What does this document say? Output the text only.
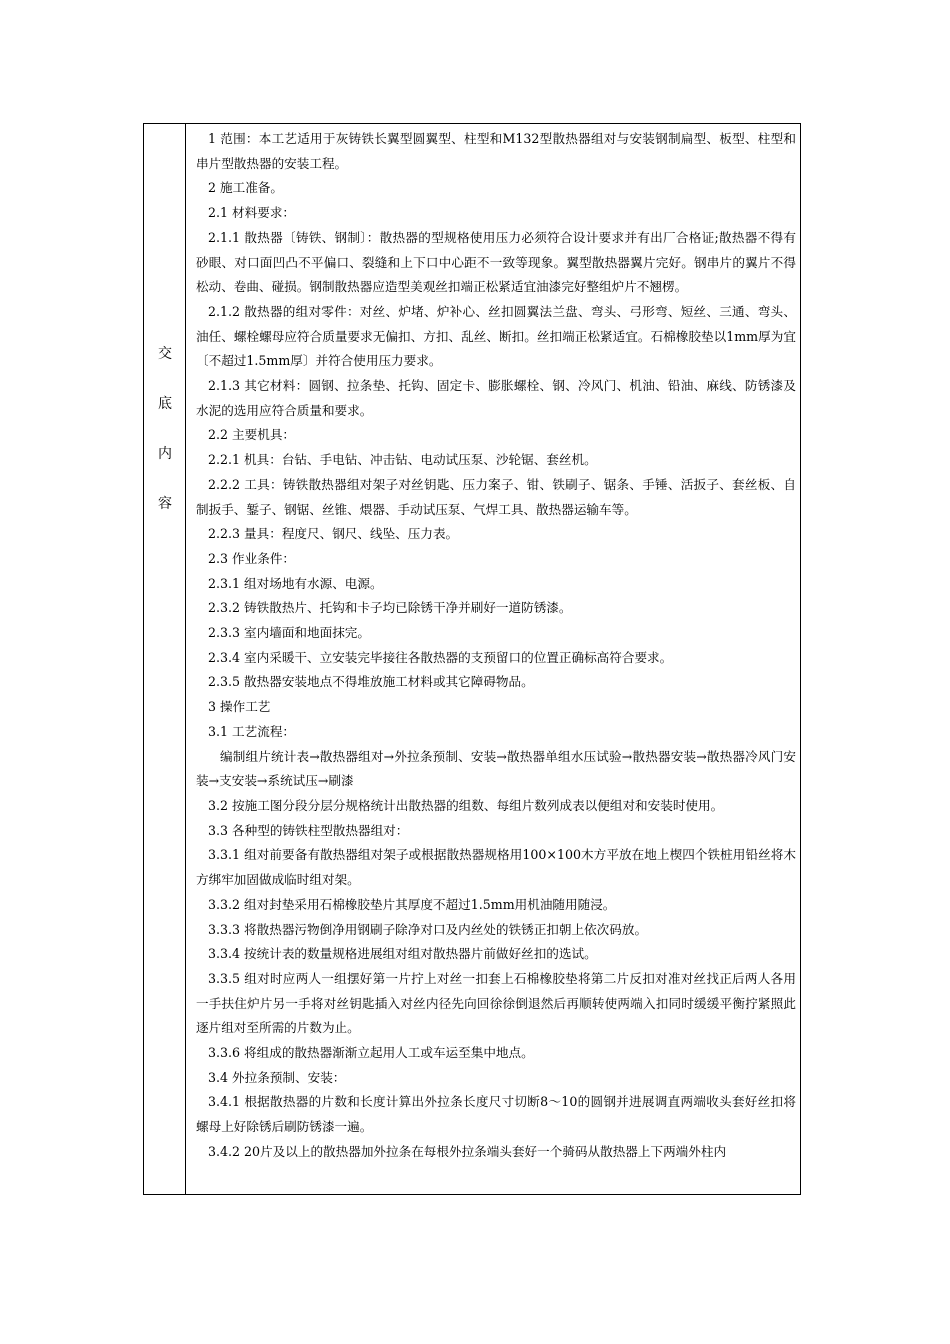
交
底
内
容

1 范围：本工艺适用于灰铸铁长翼型圆翼型、柱型和M132型散热器组对与安装钢制扁型、板型、柱型和串片型散热器的安装工程。

2 施工准备。

2.1 材料要求：

2.1.1 散热器〔铸铁、钢制〕：散热器的型规格使用压力必须符合设计要求并有出厂合格证;散热器不得有砂眼、对口面凹凸不平偏口、裂缝和上下口中心距不一致等现象。翼型散热器翼片完好。钢串片的翼片不得松动、卷曲、碰损。钢制散热器应造型美观丝扣端正松紧适宜油漆完好整组炉片不翘楞。

2.1.2 散热器的组对零件：对丝、炉堵、炉补心、丝扣圆翼法兰盘、弯头、弓形弯、短丝、三通、弯头、油任、螺栓螺母应符合质量要求无偏扣、方扣、乱丝、断扣。丝扣端正松紧适宜。石棉橡胶垫以1mm厚为宜〔不超过1.5mm厚〕并符合使用压力要求。

2.1.3 其它材料：圆钢、拉条垫、托钩、固定卡、膨胀螺栓、钢、冷风门、机油、铅油、麻线、防锈漆及水泥的选用应符合质量和要求。

2.2 主要机具：

2.2.1 机具：台钻、手电钻、冲击钻、电动试压泵、沙轮锯、套丝机。

2.2.2 工具：铸铁散热器组对架子对丝钥匙、压力案子、钳、铁刷子、锯条、手锤、活扳子、套丝板、自制扳手、錾子、钢锯、丝锥、煨器、手动试压泵、气焊工具、散热器运输车等。

2.2.3 量具：程度尺、钢尺、线坠、压力表。

2.3 作业条件：

2.3.1 组对场地有水源、电源。

2.3.2 铸铁散热片、托钩和卡子均已除锈干净并刷好一道防锈漆。

2.3.3 室内墙面和地面抹完。

2.3.4 室内采暖干、立安装完毕接往各散热器的支预留口的位置正确标高符合要求。

2.3.5 散热器安装地点不得堆放施工材料或其它障碍物品。

3 操作工艺

3.1 工艺流程：

编制组片统计表→散热器组对→外拉条预制、安装→散热器单组水压试验→散热器安装→散热器冷风门安装→支安装→系统试压→刷漆

3.2 按施工图分段分层分规格统计出散热器的组数、每组片数列成表以便组对和安装时使用。

3.3 各种型的铸铁柱型散热器组对：

3.3.1 组对前要备有散热器组对架子或根据散热器规格用100×100木方平放在地上楔四个铁桩用铅丝将木方绑牢加固做成临时组对架。

3.3.2 组对封垫采用石棉橡胶垫片其厚度不超过1.5mm用机油随用随浸。

3.3.3 将散热器污物倒净用钢刷子除净对口及内丝处的铁锈正扣朝上依次码放。

3.3.4 按统计表的数量规格进展组对组对散热器片前做好丝扣的选试。

3.3.5 组对时应两人一组摆好第一片拧上对丝一扣套上石棉橡胶垫将第二片反扣对准对丝找正后两人各用一手扶住炉片另一手将对丝钥匙插入对丝内径先向回徐徐倒退然后再顺转使两端入扣同时缓缓平衡拧紧照此逐片组对至所需的片数为止。

3.3.6 将组成的散热器渐渐立起用人工或车运至集中地点。

3.4 外拉条预制、安装：

3.4.1 根据散热器的片数和长度计算出外拉条长度尺寸切断8～10的圆钢并进展调直两端收头套好丝扣将螺母上好除锈后刷防锈漆一遍。

3.4.2 20片及以上的散热器加外拉条在每根外拉条端头套好一个骑码从散热器上下两端外柱内
